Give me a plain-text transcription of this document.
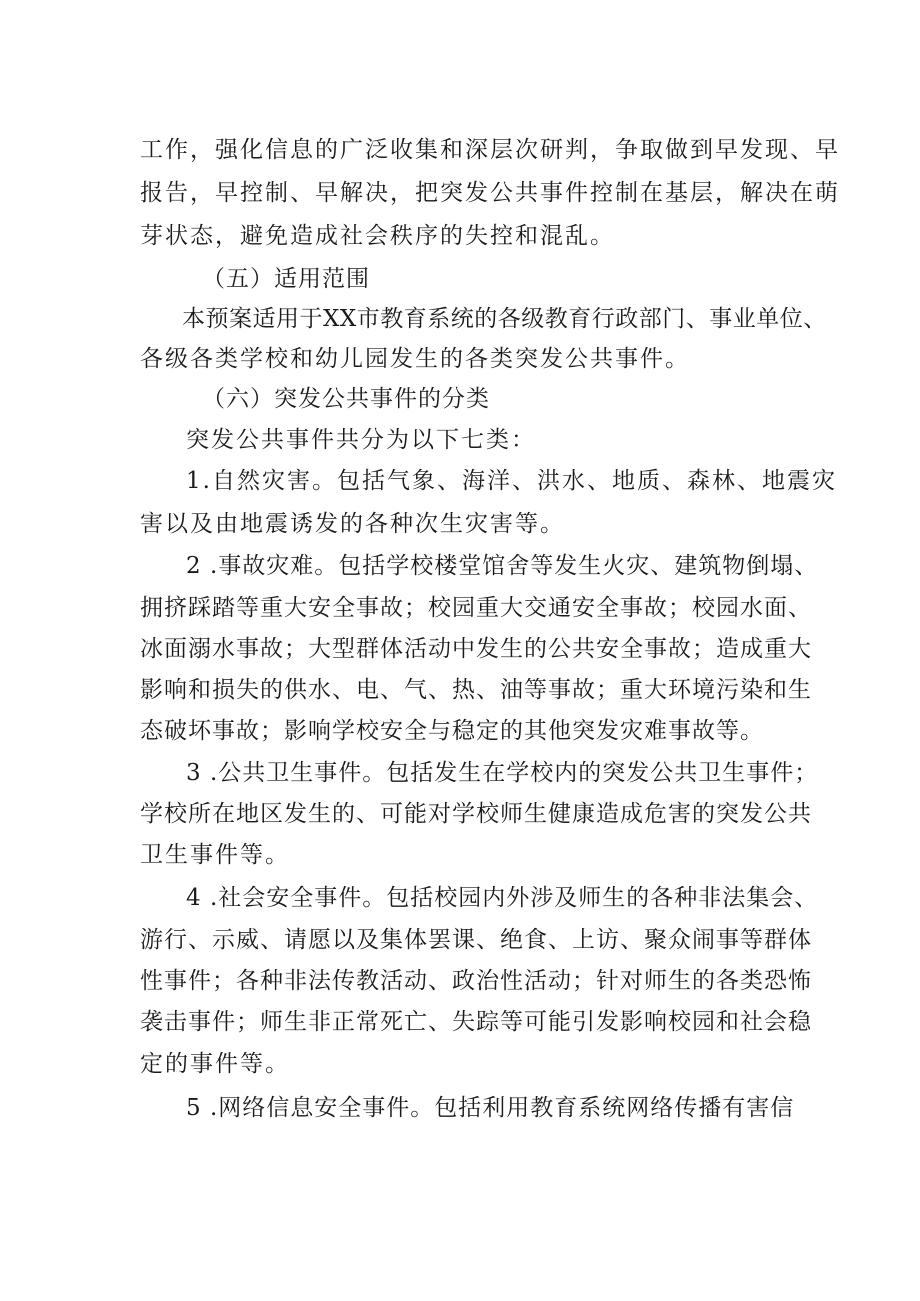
工作，强化信息的广泛收集和深层次研判，争取做到早发现、早
报告，早控制、早解决，把突发公共事件控制在基层，解决在萌
芽状态，避免造成社会秩序的失控和混乱。
（五）适用范围
本预案适用于XX市教育系统的各级教育行政部门、事业单位、
各级各类学校和幼儿园发生的各类突发公共事件。
（六）突发公共事件的分类
突发公共事件共分为以下七类：
1.自然灾害。包括气象、海洋、洪水、地质、森林、地震灾
害以及由地震诱发的各种次生灾害等。
2 .事故灾难。包括学校楼堂馆舍等发生火灾、建筑物倒塌、
拥挤踩踏等重大安全事故；校园重大交通安全事故；校园水面、
冰面溺水事故；大型群体活动中发生的公共安全事故；造成重大
影响和损失的供水、电、气、热、油等事故；重大环境污染和生
态破坏事故；影响学校安全与稳定的其他突发灾难事故等。
3 .公共卫生事件。包括发生在学校内的突发公共卫生事件；
学校所在地区发生的、可能对学校师生健康造成危害的突发公共
卫生事件等。
4 .社会安全事件。包括校园内外涉及师生的各种非法集会、
游行、示威、请愿以及集体罢课、绝食、上访、聚众闹事等群体
性事件；各种非法传教活动、政治性活动；针对师生的各类恐怖
袭击事件；师生非正常死亡、失踪等可能引发影响校园和社会稳
定的事件等。
5 .网络信息安全事件。包括利用教育系统网络传播有害信
